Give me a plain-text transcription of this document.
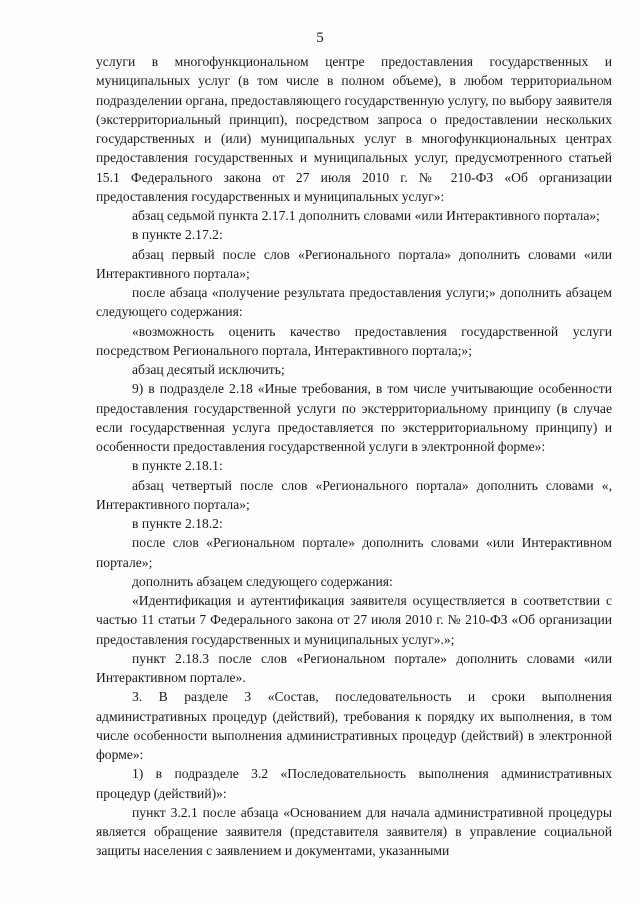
5

услуги в многофункциональном центре предоставления государственных и муниципальных услуг (в том числе в полном объеме), в любом территориальном подразделении органа, предоставляющего государственную услугу, по выбору заявителя (экстерриториальный принцип), посредством запроса о предоставлении нескольких государственных и (или) муниципальных услуг в многофункциональных центрах предоставления государственных и муниципальных услуг, предусмотренного статьей 15.1 Федерального закона от 27 июля 2010 г. № 210-ФЗ «Об организации предоставления государственных и муниципальных услуг»:

абзац седьмой пункта 2.17.1 дополнить словами «или Интерактивного портала»;

в пункте 2.17.2:

абзац первый после слов «Регионального портала» дополнить словами «или Интерактивного портала»;

после абзаца «получение результата предоставления услуги;» дополнить абзацем следующего содержания:

«возможность оценить качество предоставления государственной услуги посредством Регионального портала, Интерактивного портала;»;

абзац десятый исключить;

9) в подразделе 2.18 «Иные требования, в том числе учитывающие особенности предоставления государственной услуги по экстерриториальному принципу (в случае если государственная услуга предоставляется по экстерриториальному принципу) и особенности предоставления государственной услуги в электронной форме»:

в пункте 2.18.1:

абзац четвертый после слов «Регионального портала» дополнить словами «, Интерактивного портала»;

в пункте 2.18.2:

после слов «Региональном портале» дополнить словами «или Интерактивном портале»;

дополнить абзацем следующего содержания:

«Идентификация и аутентификация заявителя осуществляется в соответствии с частью 11 статьи 7 Федерального закона от 27 июля 2010 г. № 210-ФЗ «Об организации предоставления государственных и муниципальных услуг».»;

пункт 2.18.3 после слов «Региональном портале» дополнить словами «или Интерактивном портале».

3. В разделе 3 «Состав, последовательность и сроки выполнения административных процедур (действий), требования к порядку их выполнения, в том числе особенности выполнения административных процедур (действий) в электронной форме»:

1) в подразделе 3.2 «Последовательность выполнения административных процедур (действий)»:

пункт 3.2.1 после абзаца «Основанием для начала административной процедуры является обращение заявителя (представителя заявителя) в управление социальной защиты населения с заявлением и документами, указанными
